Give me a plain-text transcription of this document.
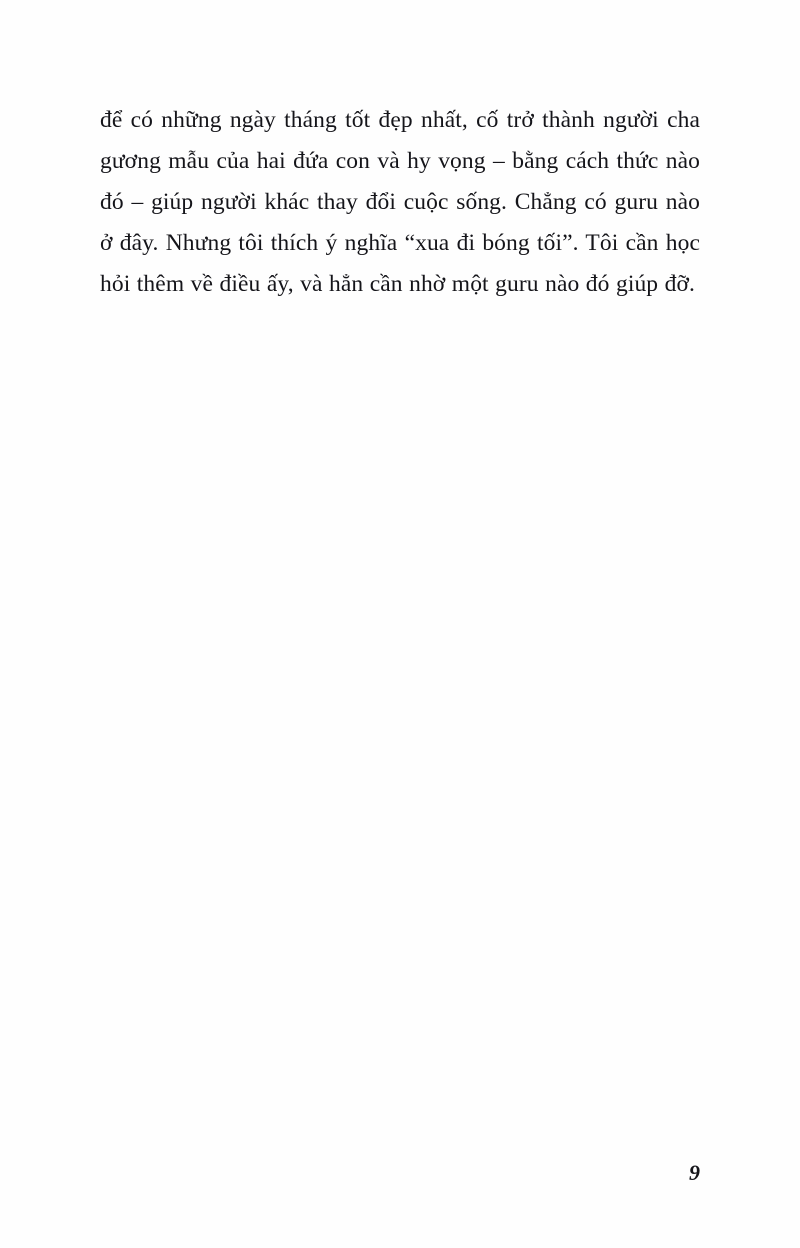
để có những ngày tháng tốt đẹp nhất, cố trở thành người cha gương mẫu của hai đứa con và hy vọng – bằng cách thức nào đó – giúp người khác thay đổi cuộc sống. Chẳng có guru nào ở đây. Nhưng tôi thích ý nghĩa “xua đi bóng tối”. Tôi cần học hỏi thêm về điều ấy, và hẳn cần nhờ một guru nào đó giúp đỡ.

9
